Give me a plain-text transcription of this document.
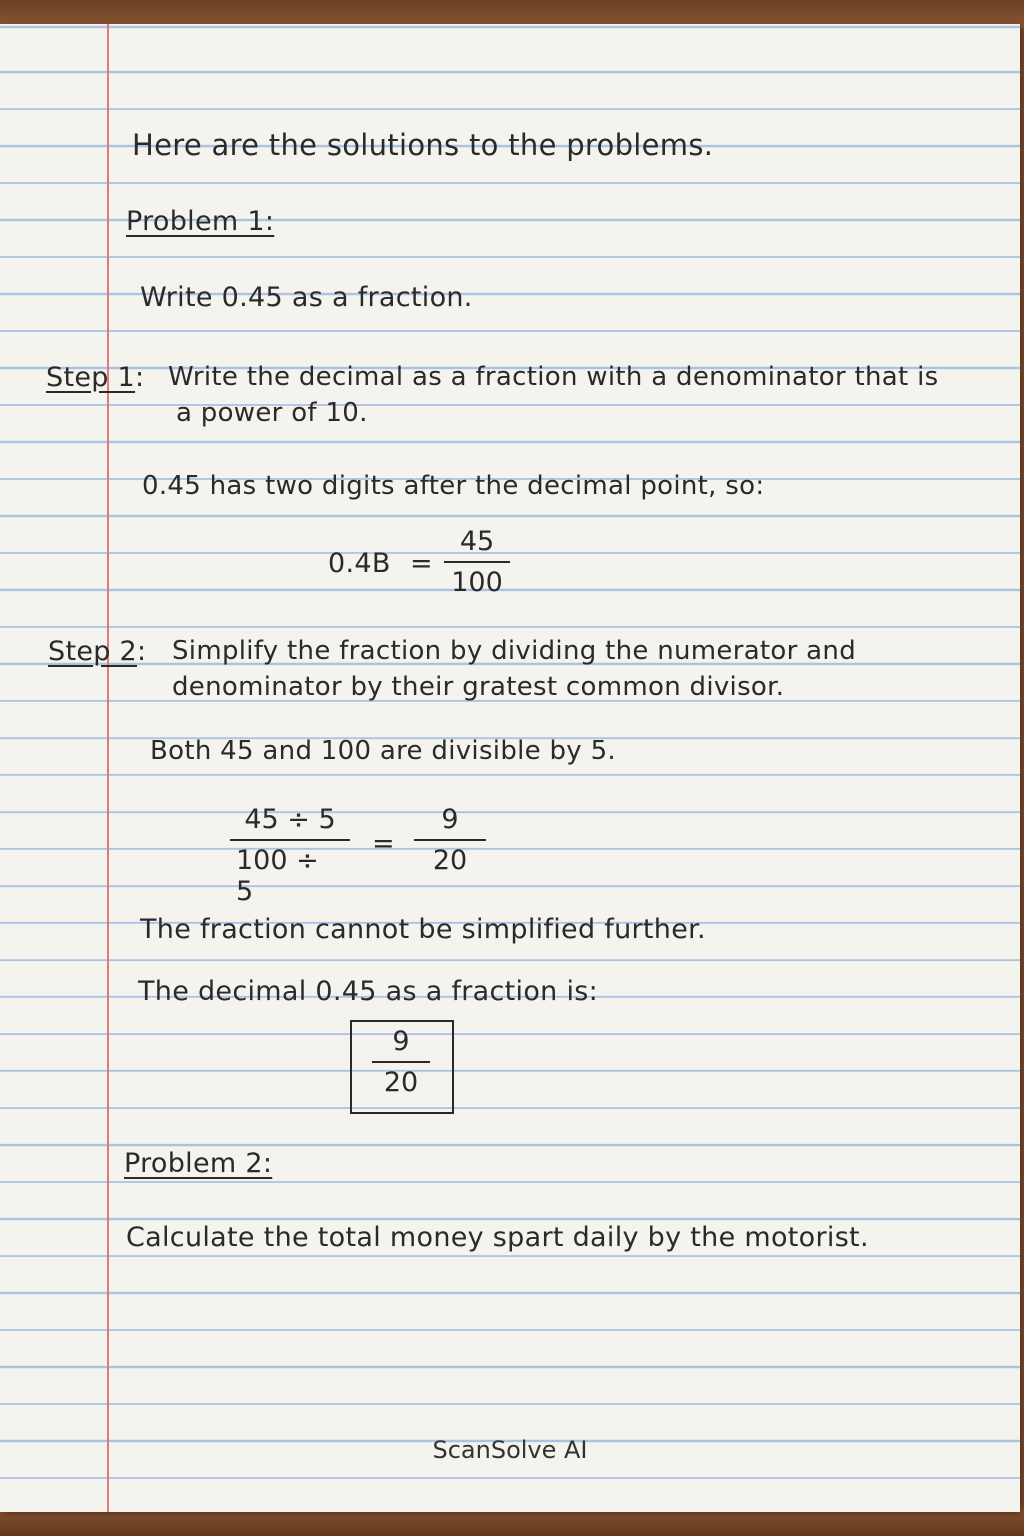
Here are the solutions to the problems.
Problem 1:
Write 0.45 as a fraction.
Step 1: Write the decimal as a fraction with a denominator that is
a power of 10.
0.45 has two digits after the decimal point, so:
0.4B =
45
100
Step 2: Simplify the fraction by dividing the numerator and
denominator by their gratest common divisor.
Both 45 and 100 are divisible by 5.
45 ÷ 5
100 ÷ 5
=
9
20
The fraction cannot be simplified further.
The decimal 0.45 as a fraction is:
9
20
Problem 2:
Calculate the total money spart daily by the motorist.
ScanSolve AI
